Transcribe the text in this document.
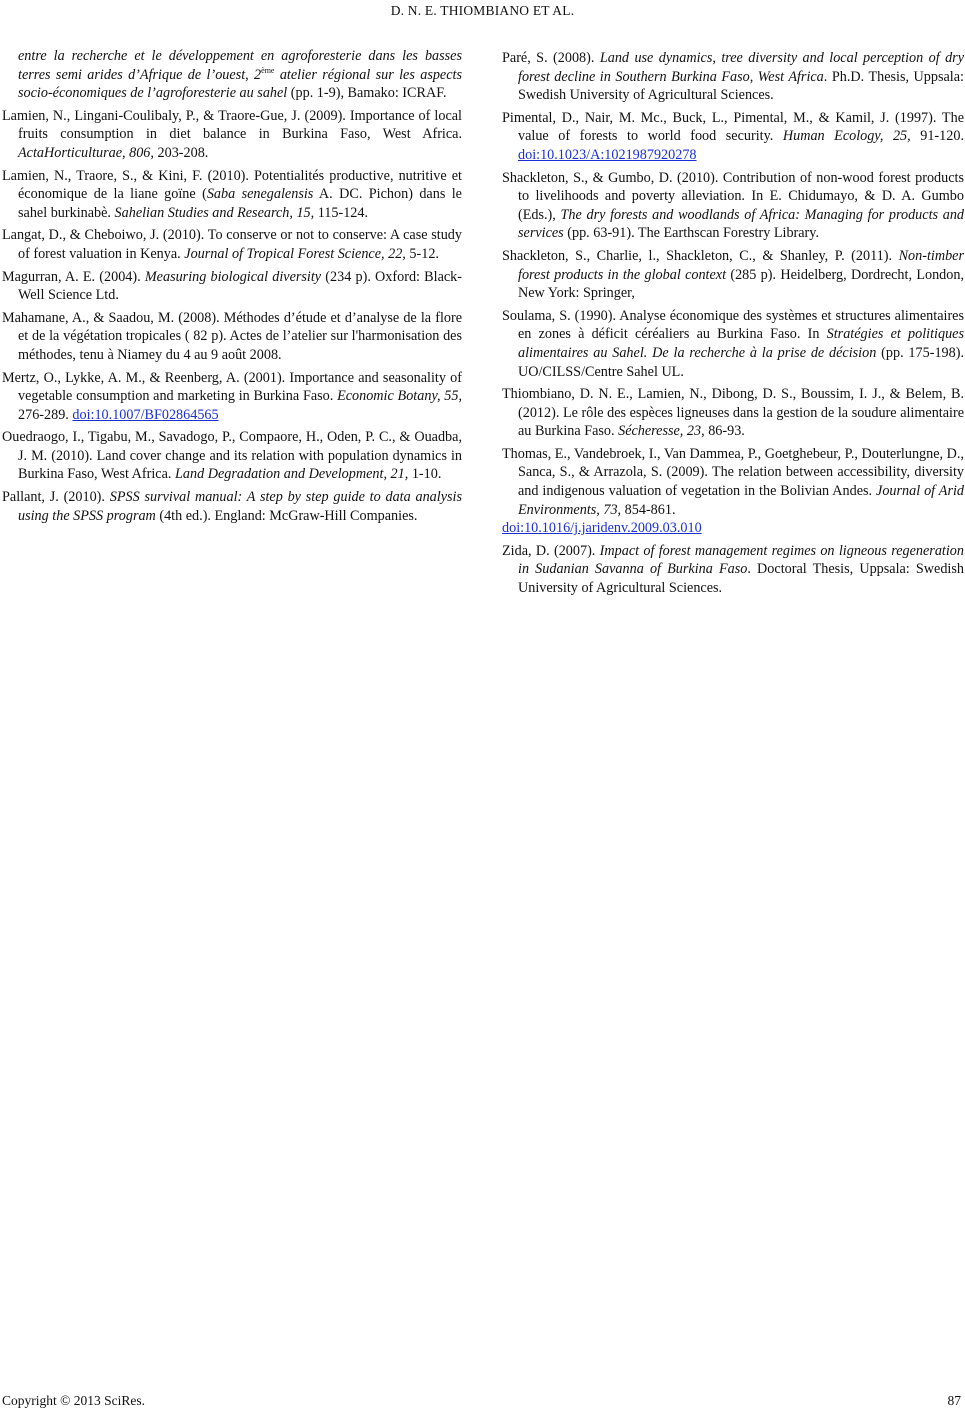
D. N. E. THIOMBIANO ET AL.

entre la recherche et le développement en agroforesterie dans les basses terres semi arides d’Afrique de l’ouest, 2ème atelier régional sur les aspects socio-économiques de l’agroforesterie au sahel (pp. 1-9), Bamako: ICRAF.

Lamien, N., Lingani-Coulibaly, P., & Traore-Gue, J. (2009). Importance of local fruits consumption in diet balance in Burkina Faso, West Africa. ActaHorticulturae, 806, 203-208.

Lamien, N., Traore, S., & Kini, F. (2010). Potentialités productive, nutritive et économique de la liane goïne (Saba senegalensis A. DC. Pichon) dans le sahel burkinabè. Sahelian Studies and Research, 15, 115-124.

Langat, D., & Cheboiwo, J. (2010). To conserve or not to conserve: A case study of forest valuation in Kenya. Journal of Tropical Forest Science, 22, 5-12.

Magurran, A. E. (2004). Measuring biological diversity (234 p). Oxford: Black-Well Science Ltd.

Mahamane, A., & Saadou, M. (2008). Méthodes d’étude et d’analyse de la flore et de la végétation tropicales ( 82 p). Actes de l’atelier sur l'harmonisation des méthodes, tenu à Niamey du 4 au 9 août 2008.

Mertz, O., Lykke, A. M., & Reenberg, A. (2001). Importance and seasonality of vegetable consumption and marketing in Burkina Faso. Economic Botany, 55, 276-289. doi:10.1007/BF02864565

Ouedraogo, I., Tigabu, M., Savadogo, P., Compaore, H., Oden, P. C., & Ouadba, J. M. (2010). Land cover change and its relation with population dynamics in Burkina Faso, West Africa. Land Degradation and Development, 21, 1-10.

Pallant, J. (2010). SPSS survival manual: A step by step guide to data analysis using the SPSS program (4th ed.). England: McGraw-Hill Companies.

Paré, S. (2008). Land use dynamics, tree diversity and local perception of dry forest decline in Southern Burkina Faso, West Africa. Ph.D. Thesis, Uppsala: Swedish University of Agricultural Sciences.

Pimental, D., Nair, M. Mc., Buck, L., Pimental, M., & Kamil, J. (1997). The value of forests to world food security. Human Ecology, 25, 91-120. doi:10.1023/A:1021987920278

Shackleton, S., & Gumbo, D. (2010). Contribution of non-wood forest products to livelihoods and poverty alleviation. In E. Chidumayo, & D. A. Gumbo (Eds.), The dry forests and woodlands of Africa: Managing for products and services (pp. 63-91). The Earthscan Forestry Library.

Shackleton, S., Charlie, l., Shackleton, C., & Shanley, P. (2011). Non-timber forest products in the global context (285 p). Heidelberg, Dordrecht, London, New York: Springer,

Soulama, S. (1990). Analyse économique des systèmes et structures alimentaires en zones à déficit céréaliers au Burkina Faso. In Stratégies et politiques alimentaires au Sahel. De la recherche à la prise de décision (pp. 175-198). UO/CILSS/Centre Sahel UL.

Thiombiano, D. N. E., Lamien, N., Dibong, D. S., Boussim, I. J., & Belem, B. (2012). Le rôle des espèces ligneuses dans la gestion de la soudure alimentaire au Burkina Faso. Sécheresse, 23, 86-93.

Thomas, E., Vandebroek, I., Van Dammea, P., Goetghebeur, P., Douterlungne, D., Sanca, S., & Arrazola, S. (2009). The relation between accessibility, diversity and indigenous valuation of vegetation in the Bolivian Andes. Journal of Arid Environments, 73, 854-861.
doi:10.1016/j.jaridenv.2009.03.010

Zida, D. (2007). Impact of forest management regimes on ligneous regeneration in Sudanian Savanna of Burkina Faso. Doctoral Thesis, Uppsala: Swedish University of Agricultural Sciences.

Copyright © 2013 SciRes.	87
